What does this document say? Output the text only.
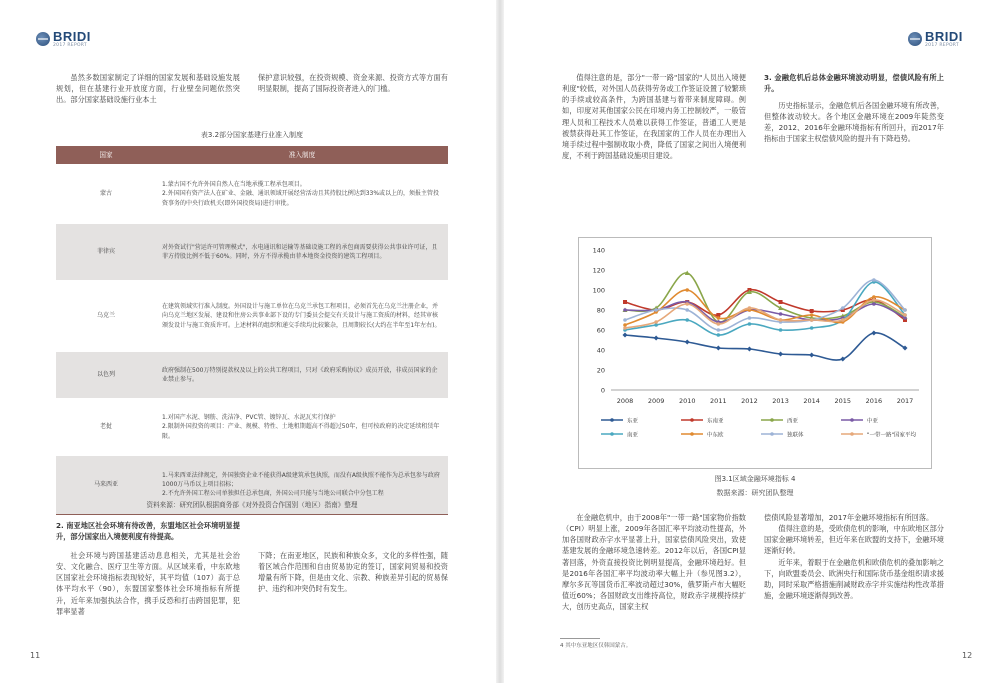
BRIDI
2017 REPORT
BRIDI
2017 REPORT

虽然多数国家制定了详细的国家发展和基础设施发展规划，但在基建行业开放度方面，行业壁垒问题依然突出。部分国家基础设施行业本土

保护意识较强，在投资规模、资金来源、投资方式等方面有明显限制，提高了国际投资者进入的门槛。

表3.2部分国家基建行业准入制度
国家	准入制度
蒙古	1.蒙古国不允许外国自然人在当地承揽工程承包项目。
2.外国国有资产法人在矿业、金融、通讯领域开展经营活动且其持股比例达到33%或以上的，须报主管投资事务的中央行政机关(即外国投资局)进行审批。
菲律宾	对外资试行"营运许可管理模式"，水电通讯和运输等基础设施工程的承包商需要获得公共事业许可证，且菲方持股比例不低于60%。同时，外方不得承揽由菲本地资金投资的建筑工程项目。
乌克兰	在建筑领域实行准入制度。外国设计与施工单位在乌克兰承包工程项目，必须首先在乌克兰注册企业，并向乌克兰地区发展、建设和住房公共事业部下设的专门委员会提交有关设计与施工资质的材料，经其审核颁发设计与施工资质许可。上述材料的组织和递交手续均比较繁杂，且周期较长(大约在半年至1年左右)。
以色列	政府强制在500万特别提款权及以上的公共工程项目，只对《政府采购协议》成员开放，非成员国家的企业禁止参与。
老挝	1.对国产水泥、钢筋、洗洁净、PVC管、镀锌瓦、水泥瓦实行保护
2.限制外国投资的项目：产业、规模、特性、土地租期超高不得超过50年，但可按政府的决定延续租赁年限。
马来西亚	1.马来西亚法律规定，外国独资企业不能获得A级建筑承包执照，而没有A级执照不能作为总承包参与政府1000万马币以上项目招标；
2.不允许外国工程公司单独担任总承包商，外国公司只能与当地公司联合中分包工程
资料来源：研究团队根据商务部《对外投资合作国别（地区）指南》整理
2. 南亚地区社会环境有待改善，东盟地区社会环境明显提升，部分国家出入境便利度有待提高。

社会环境与跨国基建活动息息相关，尤其是社会治安、文化融合、医疗卫生等方面。从区域来看，中东欧地区国家社会环境指标表现较好，其平均值（107）高于总体平均水平（90），东盟国家整体社会环境指标有所提升，近年来加强执法合作，携手反恐和打击跨国犯罪，犯罪率显著

下降；在南亚地区，民族和种族众多，文化的多样性强，随着区域合作范围和自由贸易协定的签订，国家间贸易和投资增量有所下降，但是由文化、宗教、种族差异引起的贸易保护、违约和冲突仍时有发生。

11

值得注意的是，部分"一带一路"国家的"人员出入境便利度"较低，对外国人员获得劳务或工作签证设置了较繁琐的手续或较高条件，为跨国基建与着带来制度障碍。例如，印度对其他国家公民在印境内务工控制较严，一般管理人员和工程技术人员难以获得工作签证，普通工人更是被禁获得赴其工作签证，在我国家的工作人员在办理出入境手续过程中强制收取小费，降低了国家之间出入境便利度，不利于跨国基础设施项目建设。

3. 金融危机后总体金融环境波动明显，偿债风险有所上升。

历史指标显示，金融危机后各国金融环境有所改善，但整体波动较大。各个地区金融环境在2009年陡然变差，2012、2016年金融环境指标有所回升，而2017年指标由于国家主权偿债风险的提升有下降趋势。

0
20
40
60
80
100
120
140
2008 2009 2010 2011 2012 2013 2014 2015 2016 2017
东亚	东南亚	西亚	中亚
南亚	中东欧	独联体	"一带一路"国家平均
图3.1区域金融环境指标 4
数据来源：研究团队整理

在金融危机中，由于2008年"一带一路"国家物价指数（CPI）明显上涨，2009年各国汇率平均波动性提高，外加各国财政赤字水平显著上升，国家偿债风险突出，致使基建发展的金融环境急速转差。2012年以后，各国CPI显著回落，外资直接投资比例明显提高，金融环境趋好。但是2016年各国汇率平均波动率大幅上升（参见图3.2），摩尔多瓦等国货币汇率波动超过30%，俄罗斯卢布大幅贬值近60%；各国财政支出维持高位，财政赤字规模持续扩大，创历史高点，国家主权

偿债风险显著增加，2017年金融环境指标有所回落。

值得注意的是，受欧债危机的影响，中东欧地区部分国家金融环境转差，但近年来在欧盟的支持下，金融环境逐渐好转。

近年来，着眼于在金融危机和欧债危机的叠加影响之下，向欧盟委员会、欧洲央行和国际货币基金组织请求援助，同时采取严格措施削减财政赤字并实施结构性改革措施，金融环境逐渐得到改善。

4 其中东亚地区仅韩国蒙古。
12
